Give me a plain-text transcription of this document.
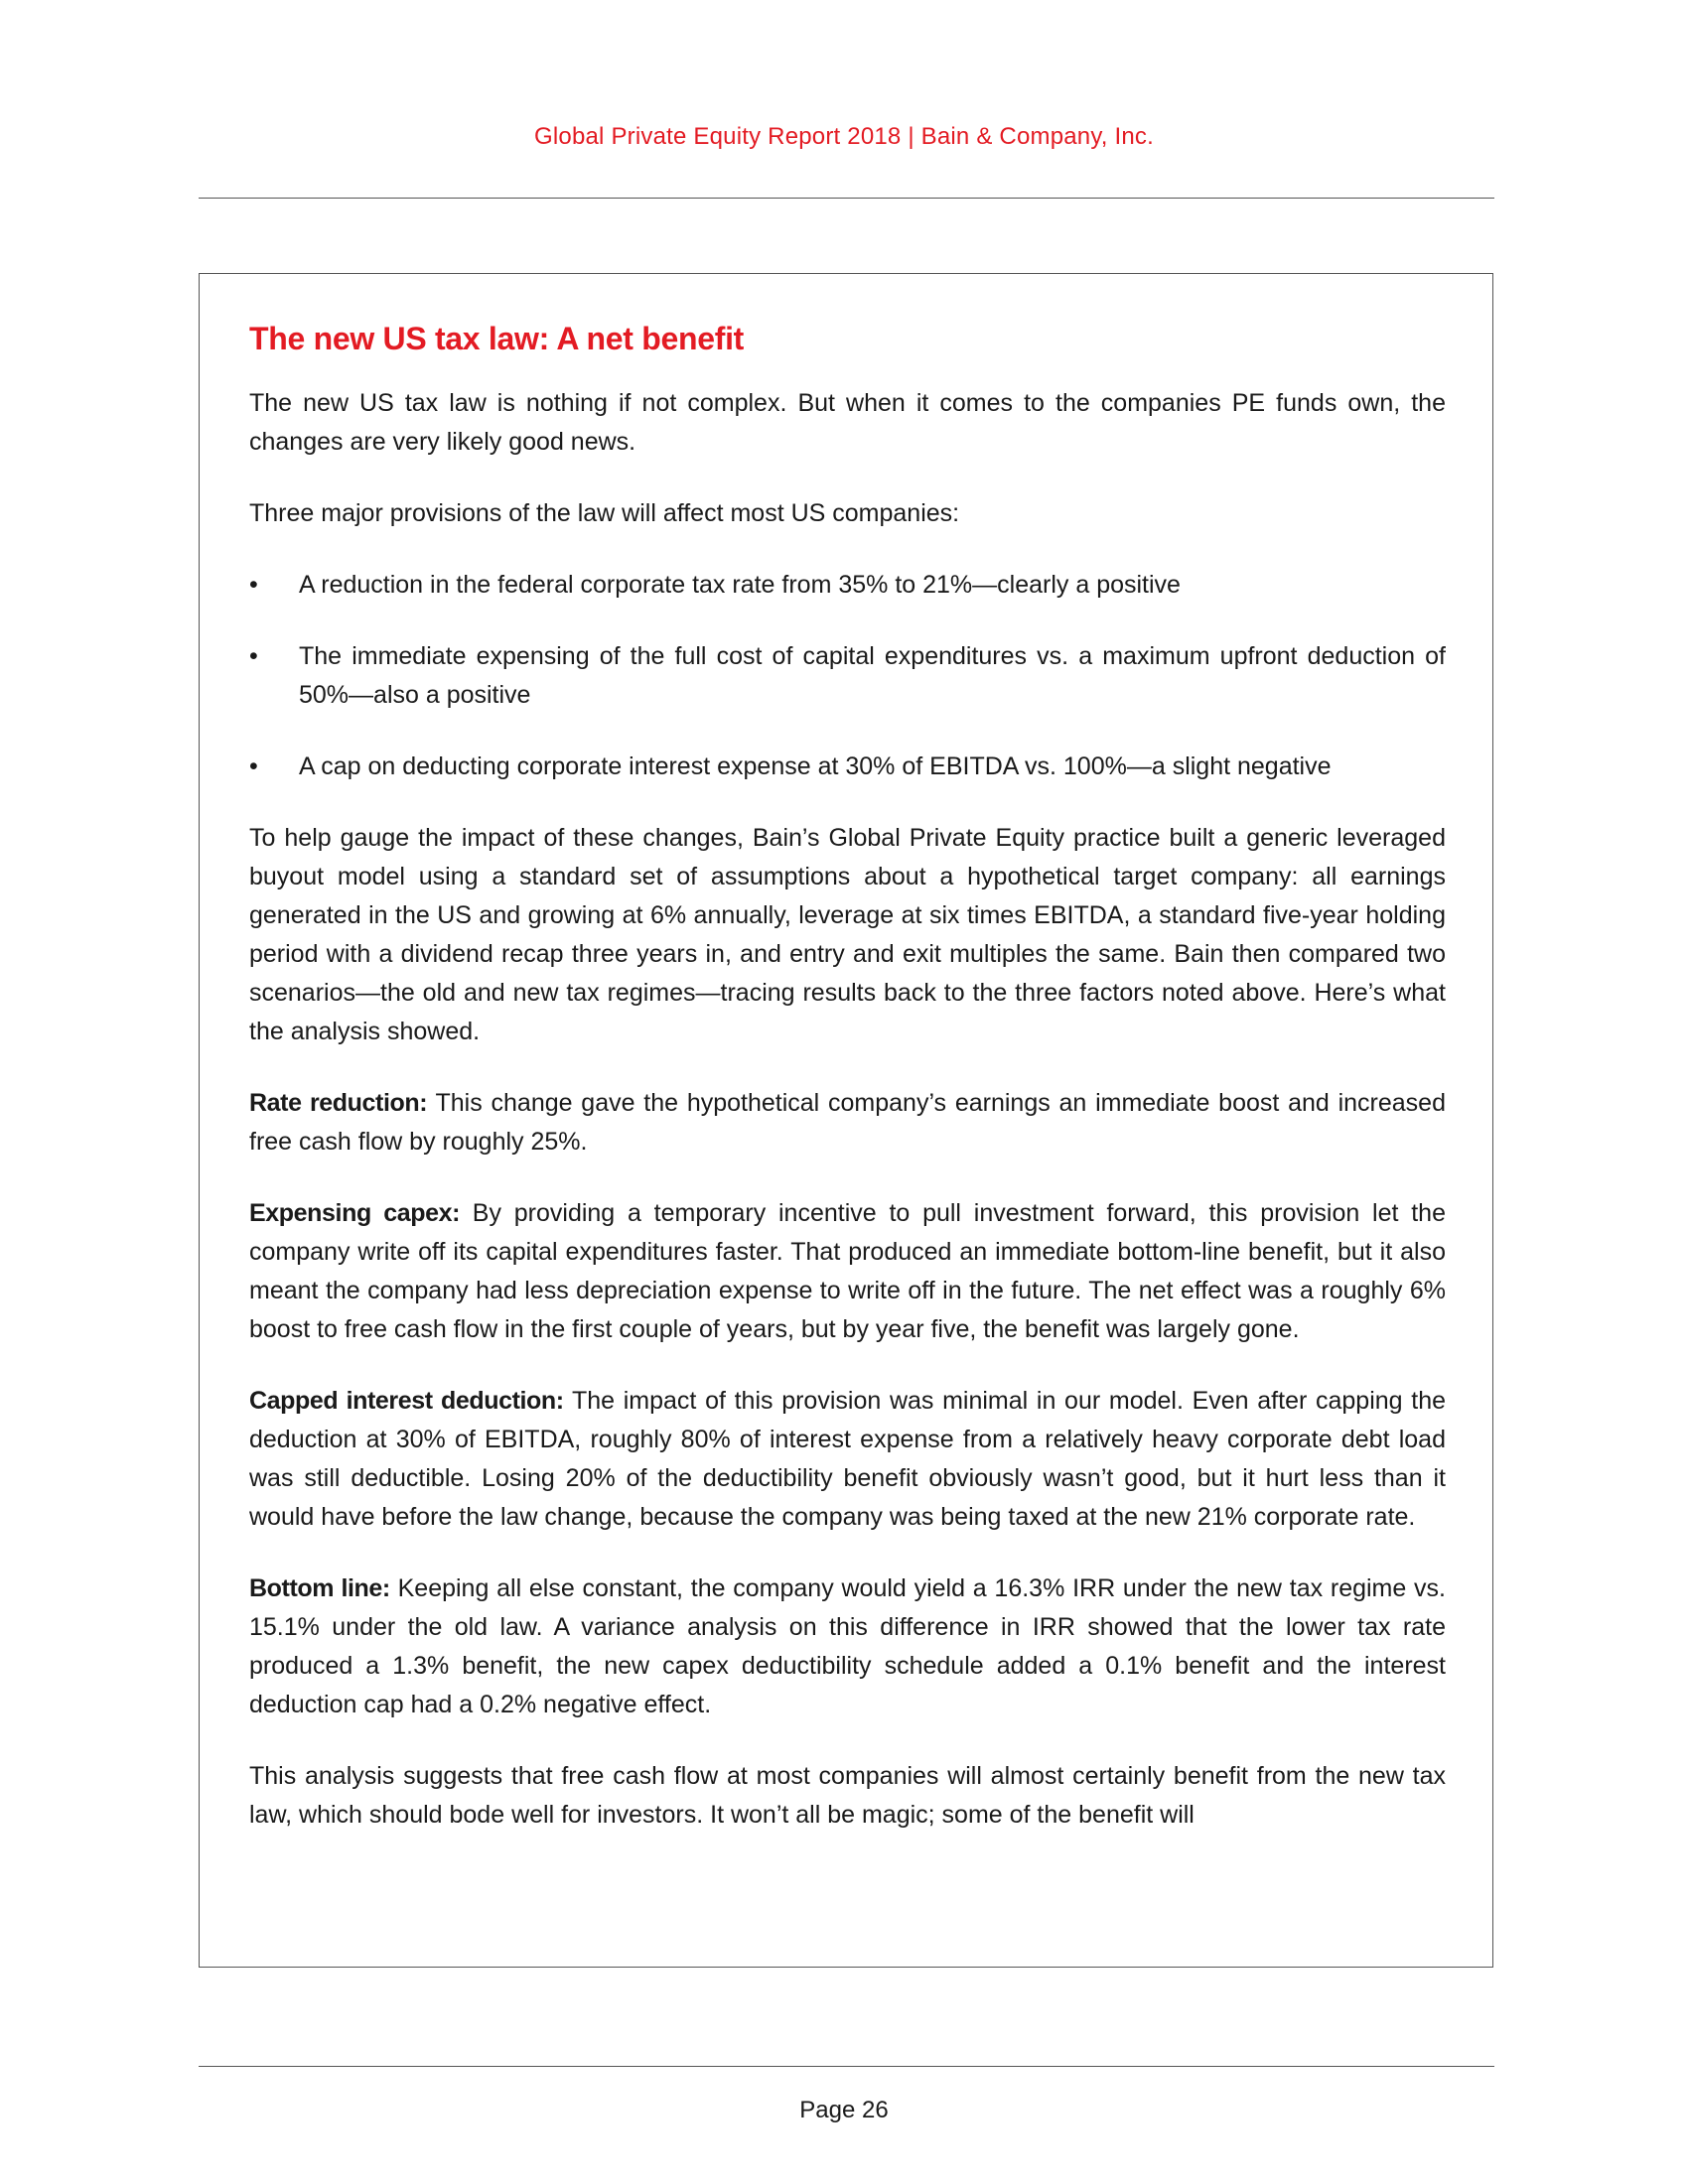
Global Private Equity Report 2018 | Bain & Company, Inc.
The new US tax law: A net benefit

The new US tax law is nothing if not complex. But when it comes to the companies PE funds own, the changes are very likely good news.

Three major provisions of the law will affect most US companies:

• A reduction in the federal corporate tax rate from 35% to 21%—clearly a positive
• The immediate expensing of the full cost of capital expenditures vs. a maximum upfront deduction of 50%—also a positive
• A cap on deducting corporate interest expense at 30% of EBITDA vs. 100%—a slight negative

To help gauge the impact of these changes, Bain’s Global Private Equity practice built a generic leveraged buyout model using a standard set of assumptions about a hypothetical target company: all earnings generated in the US and growing at 6% annually, leverage at six times EBITDA, a standard five-year holding period with a dividend recap three years in, and entry and exit multiples the same. Bain then compared two scenarios—the old and new tax regimes—tracing results back to the three factors noted above. Here’s what the analysis showed.

Rate reduction: This change gave the hypothetical company’s earnings an immediate boost and increased free cash flow by roughly 25%.

Expensing capex: By providing a temporary incentive to pull investment forward, this provision let the company write off its capital expenditures faster. That produced an immediate bottom-line benefit, but it also meant the company had less depreciation expense to write off in the future. The net effect was a roughly 6% boost to free cash flow in the first couple of years, but by year five, the benefit was largely gone.

Capped interest deduction: The impact of this provision was minimal in our model. Even after capping the deduction at 30% of EBITDA, roughly 80% of interest expense from a relatively heavy corporate debt load was still deductible. Losing 20% of the deductibility benefit obviously wasn’t good, but it hurt less than it would have before the law change, because the company was being taxed at the new 21% corporate rate.

Bottom line: Keeping all else constant, the company would yield a 16.3% IRR under the new tax regime vs. 15.1% under the old law. A variance analysis on this difference in IRR showed that the lower tax rate produced a 1.3% benefit, the new capex deductibility schedule added a 0.1% benefit and the interest deduction cap had a 0.2% negative effect.

This analysis suggests that free cash flow at most companies will almost certainly benefit from the new tax law, which should bode well for investors. It won’t all be magic; some of the benefit will

Page 26
